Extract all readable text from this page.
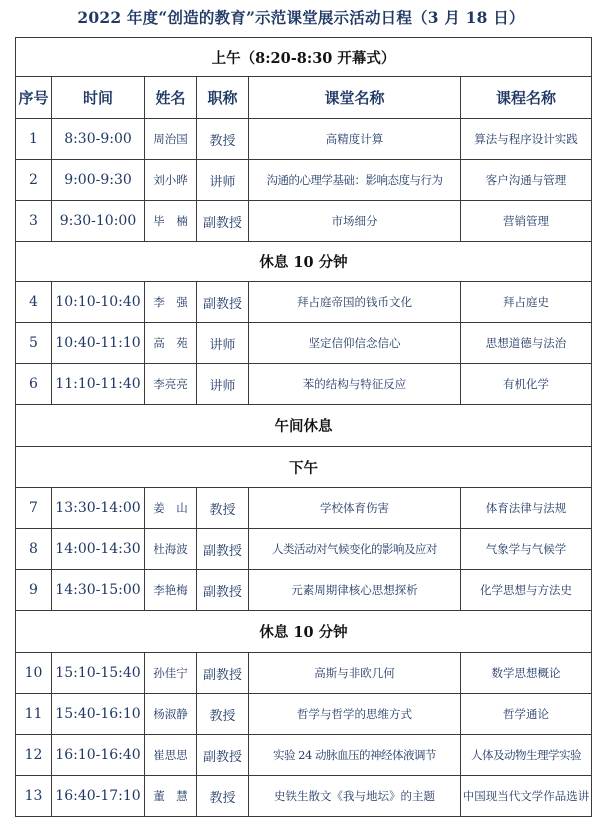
2022 年度“创造的教育”示范课堂展示活动日程（3 月 18 日）
上午（8:20-8:30 开幕式）					
序号	时间	姓名	职称	课堂名称	课程名称
1	8:30-9:00	周治国	教授	高精度计算	算法与程序设计实践
2	9:00-9:30	刘小晔	讲师	沟通的心理学基础：影响态度与行为	客户沟通与管理
3	9:30-10:00	毕　楠	副教授	市场细分	营销管理
休息 10 分钟					
4	10:10-10:40	李　强	副教授	拜占庭帝国的钱币文化	拜占庭史
5	10:40-11:10	高　苑	讲师	坚定信仰信念信心	思想道德与法治
6	11:10-11:40	李亮亮	讲师	苯的结构与特征反应	有机化学
午间休息					
下午					
7	13:30-14:00	姜　山	教授	学校体育伤害	体育法律与法规
8	14:00-14:30	杜海波	副教授	人类活动对气候变化的影响及应对	气象学与气候学
9	14:30-15:00	李艳梅	副教授	元素周期律核心思想探析	化学思想与方法史
休息 10 分钟					
10	15:10-15:40	孙佳宁	副教授	高斯与非欧几何	数学思想概论
11	15:40-16:10	杨淑静	教授	哲学与哲学的思维方式	哲学通论
12	16:10-16:40	崔思思	副教授	实验 24 动脉血压的神经体液调节	人体及动物生理学实验
13	16:40-17:10	董　慧	教授	史铁生散文《我与地坛》的主题	中国现当代文学作品选讲
